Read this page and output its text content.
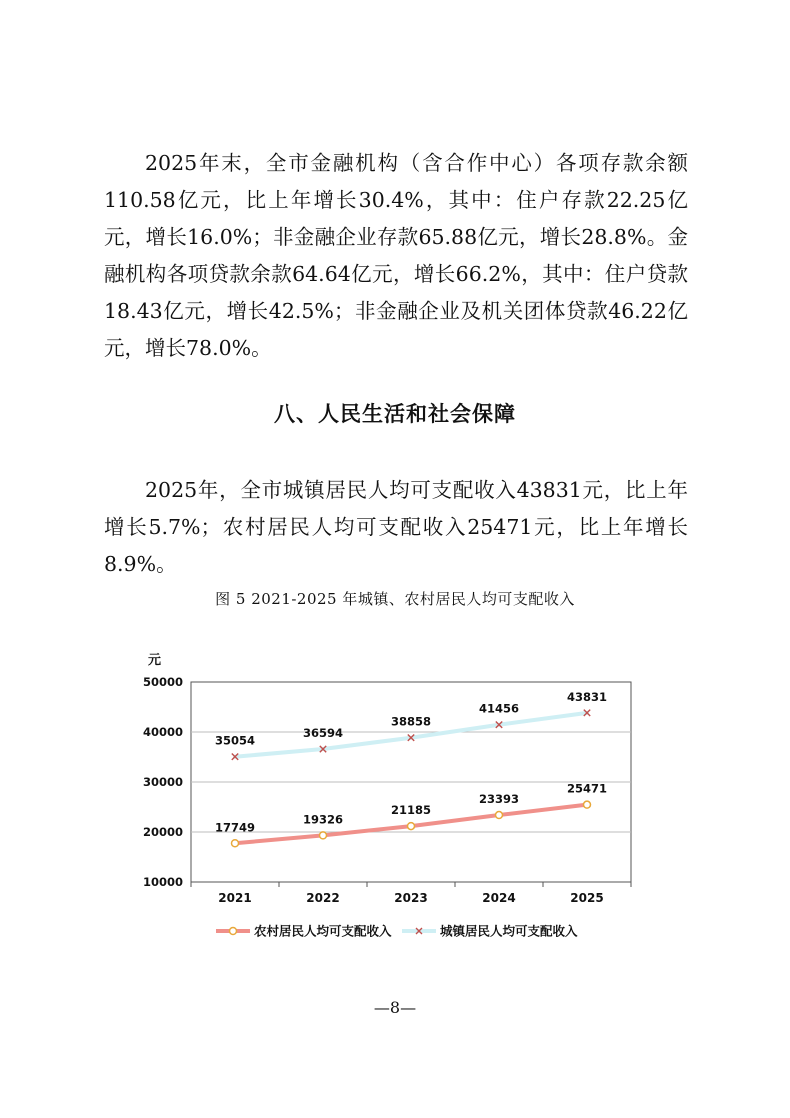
2025年末，全市金融机构（含合作中心）各项存款余额110.58亿元，比上年增长30.4%，其中：住户存款22.25亿元，增长16.0%；非金融企业存款65.88亿元，增长28.8%。金融机构各项贷款余款64.64亿元，增长66.2%，其中：住户贷款18.43亿元，增长42.5%；非金融企业及机关团体贷款46.22亿元，增长78.0%。

八、人民生活和社会保障

2025年，全市城镇居民人均可支配收入43831元，比上年增长5.7%；农村居民人均可支配收入25471元，比上年增长8.9%。

图 5 2021-2025 年城镇、农村居民人均可支配收入
10000
20000
30000
40000
50000
元
2021	2022	2023	2024	2025
17749
19326
21185
23393
25471
35054
36594
38858
41456
43831
农村居民人均可支配收入	城镇居民人均可支配收入
—8—
